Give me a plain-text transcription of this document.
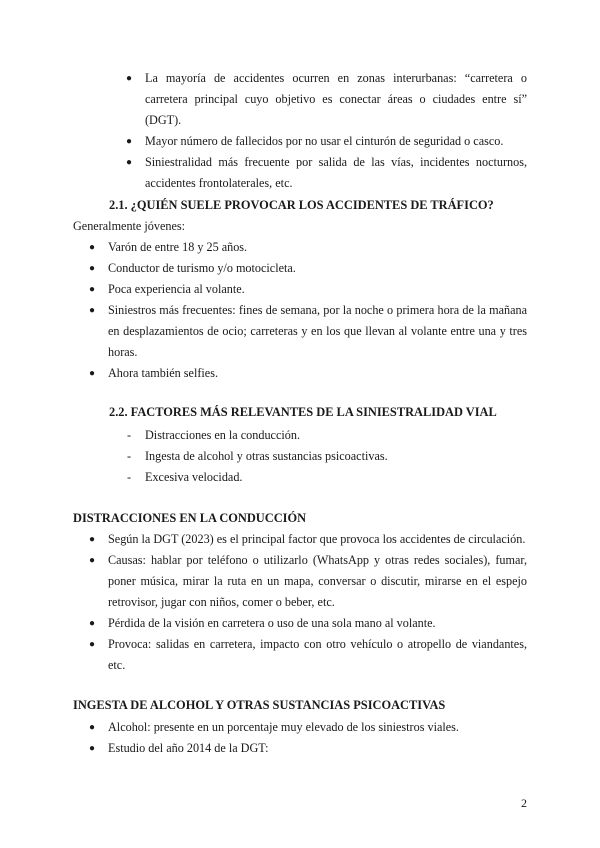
● La mayoría de accidentes ocurren en zonas interurbanas: “carretera o carretera principal cuyo objetivo es conectar áreas o ciudades entre sí” (DGT).
● Mayor número de fallecidos por no usar el cinturón de seguridad o casco.
● Siniestralidad más frecuente por salida de las vías, incidentes nocturnos, accidentes frontolaterales, etc.
2.1. ¿QUIÉN SUELE PROVOCAR LOS ACCIDENTES DE TRÁFICO?

Generalmente jóvenes:

● Varón de entre 18 y 25 años.
● Conductor de turismo y/o motocicleta.
● Poca experiencia al volante.
● Siniestros más frecuentes: fines de semana, por la noche o primera hora de la mañana en desplazamientos de ocio; carreteras y en los que llevan al volante entre una y tres horas.
● Ahora también selfies.
2.2. FACTORES MÁS RELEVANTES DE LA SINIESTRALIDAD VIAL
- Distracciones en la conducción.
- Ingesta de alcohol y otras sustancias psicoactivas.
- Excesiva velocidad.
DISTRACCIONES EN LA CONDUCCIÓN
● Según la DGT (2023) es el principal factor que provoca los accidentes de circulación.
● Causas: hablar por teléfono o utilizarlo (WhatsApp y otras redes sociales), fumar, poner música, mirar la ruta en un mapa, conversar o discutir, mirarse en el espejo retrovisor, jugar con niños, comer o beber, etc.
● Pérdida de la visión en carretera o uso de una sola mano al volante.
● Provoca: salidas en carretera, impacto con otro vehículo o atropello de viandantes, etc.
INGESTA DE ALCOHOL Y OTRAS SUSTANCIAS PSICOACTIVAS
● Alcohol: presente en un porcentaje muy elevado de los siniestros viales.
● Estudio del año 2014 de la DGT:
2
